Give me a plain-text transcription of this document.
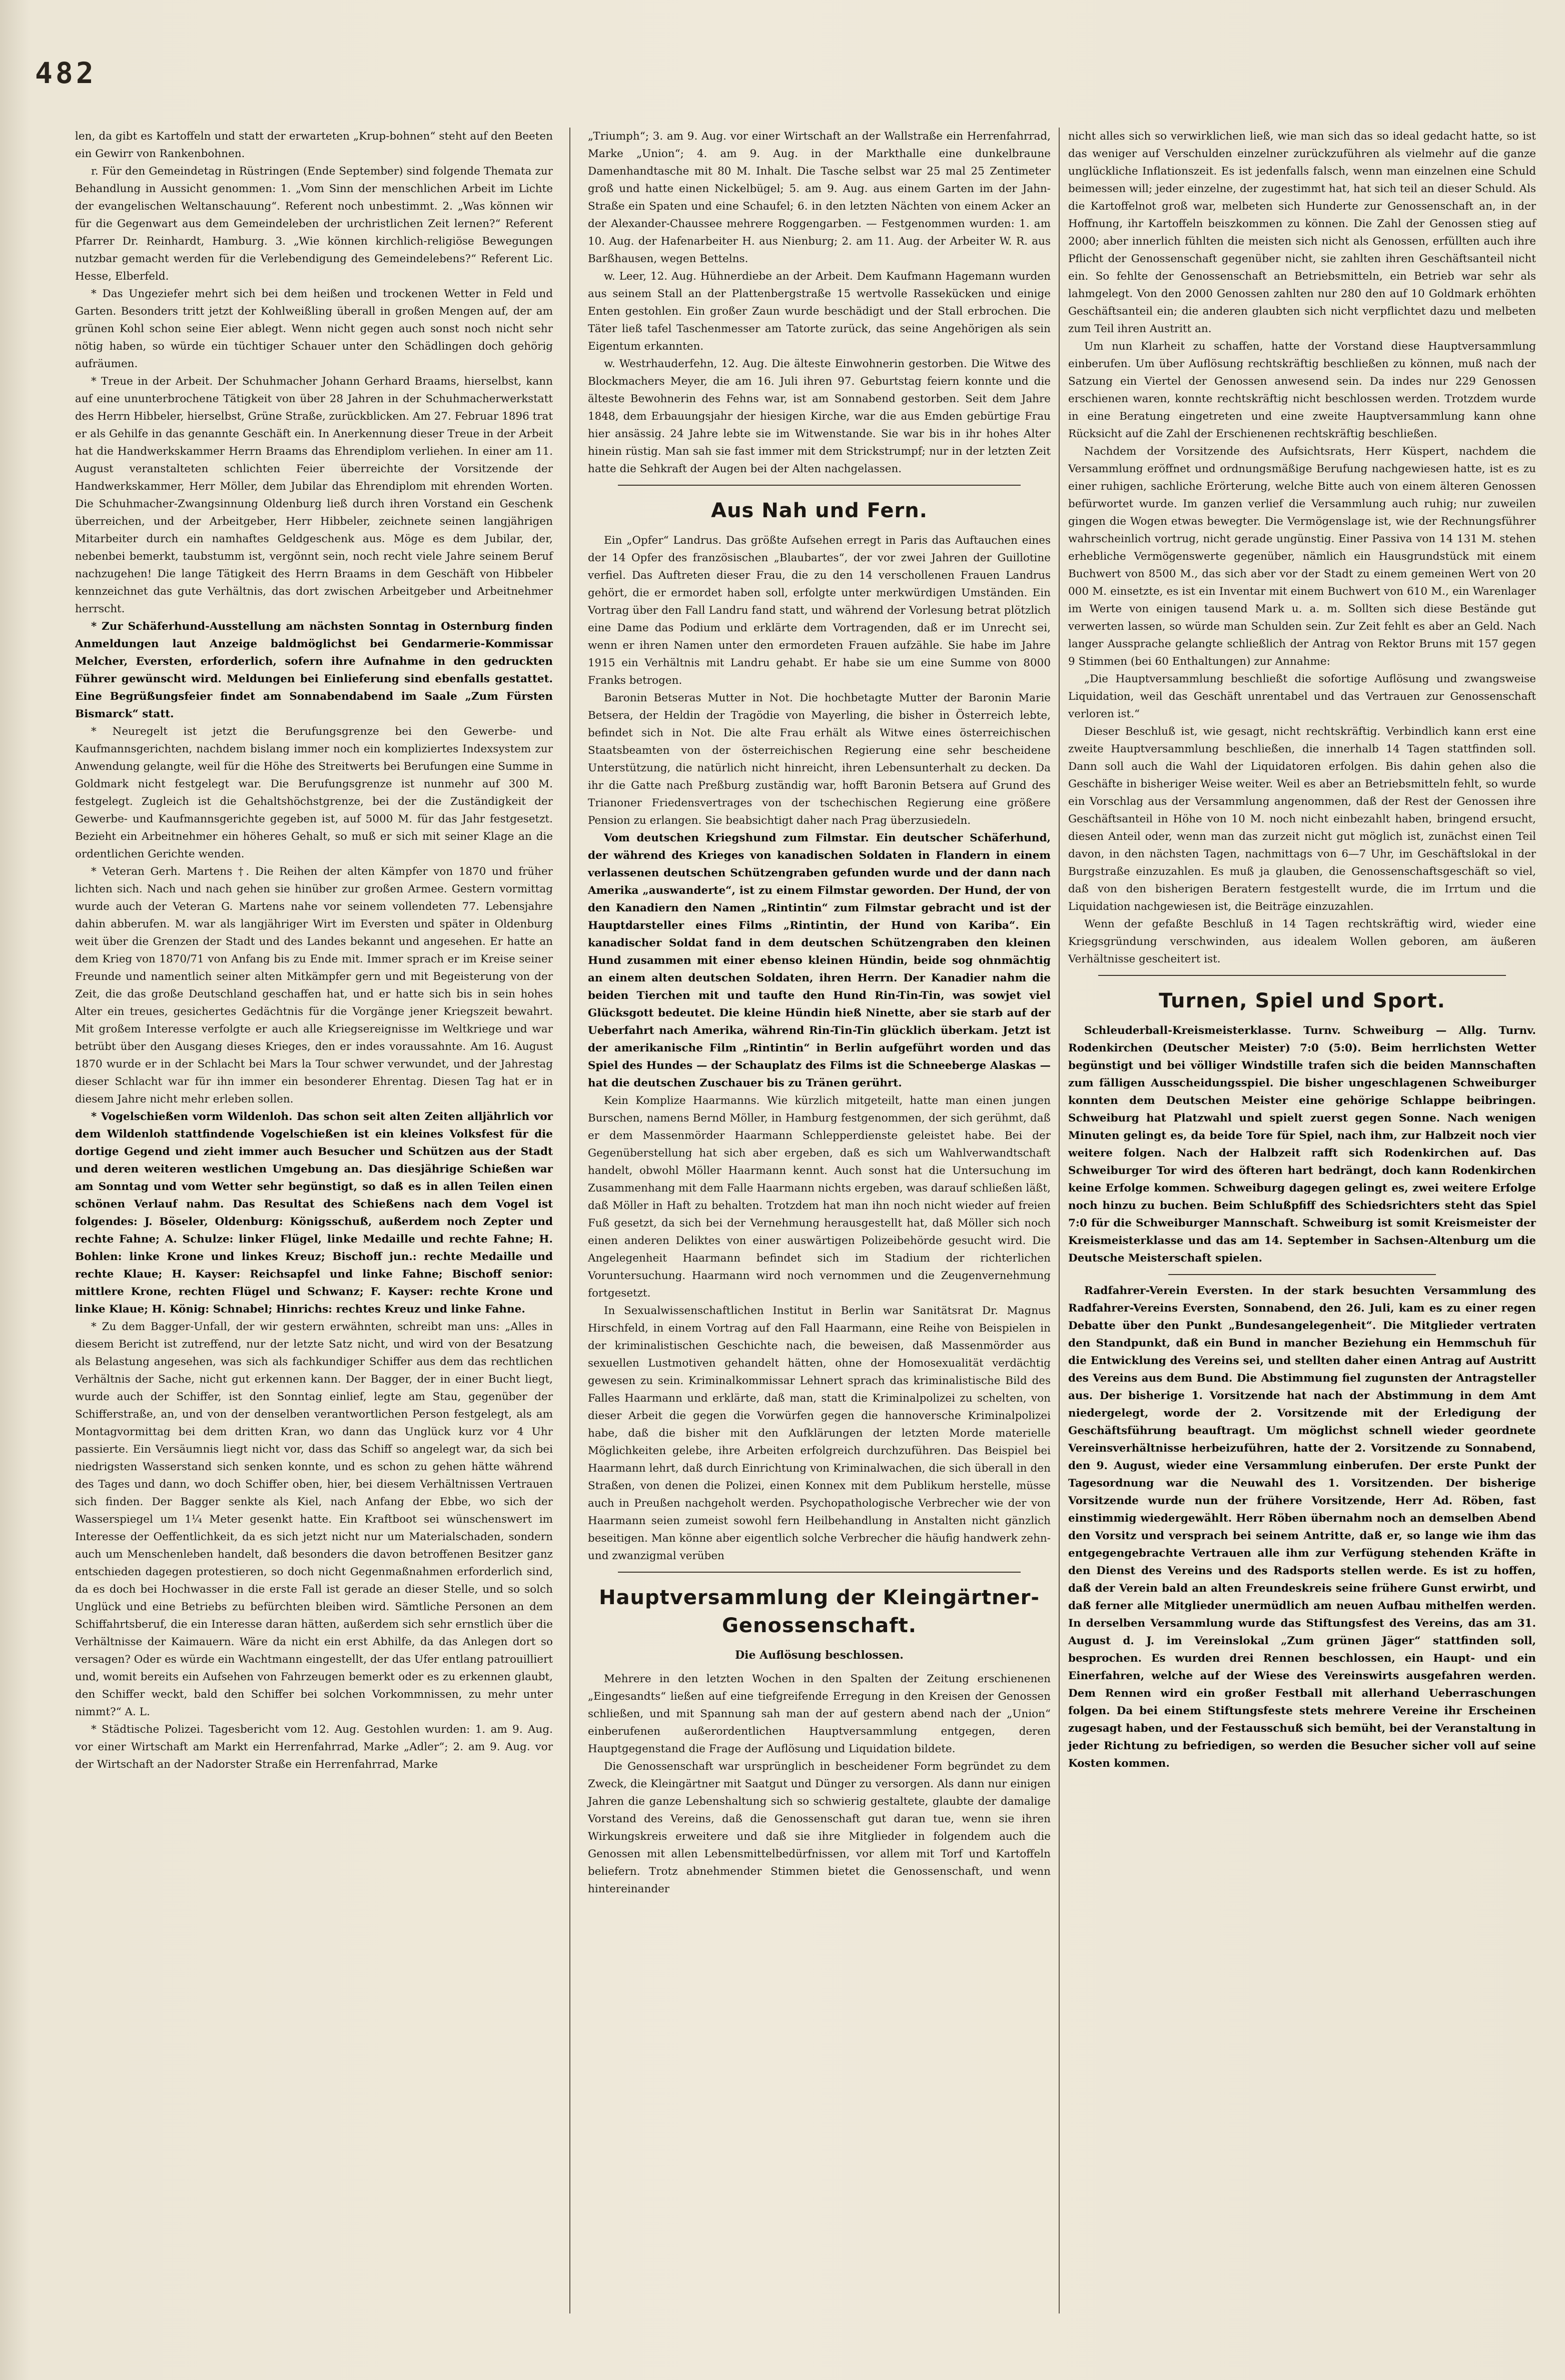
482

len, da gibt es Kartoffeln und statt der erwarteten „Krup-bohnen“ steht auf den Beeten ein Gewirr von Rankenbohnen.

r. Für den Gemeindetag in Rüstringen (Ende September) sind folgende Themata zur Behandlung in Aussicht genommen: 1. „Vom Sinn der menschlichen Arbeit im Lichte der evangelischen Weltanschauung“. Referent noch unbestimmt. 2. „Was können wir für die Gegenwart aus dem Gemeindeleben der urchristlichen Zeit lernen?“ Referent Pfarrer Dr. Reinhardt, Hamburg. 3. „Wie können kirchlich-religiöse Bewegungen nutzbar gemacht werden für die Verlebendigung des Gemeindelebens?“ Referent Lic. Hesse, Elberfeld.

* Das Ungeziefer mehrt sich bei dem heißen und trockenen Wetter in Feld und Garten. Besonders tritt jetzt der Kohlweißling überall in großen Mengen auf, der am grünen Kohl schon seine Eier ablegt. Wenn nicht gegen auch sonst noch nicht sehr nötig haben, so würde ein tüchtiger Schauer unter den Schädlingen doch gehörig aufräumen.

* Treue in der Arbeit. Der Schuhmacher Johann Gerhard Braams, hierselbst, kann auf eine ununterbrochene Tätigkeit von über 28 Jahren in der Schuhmacherwerkstatt des Herrn Hibbeler, hierselbst, Grüne Straße, zurückblicken. Am 27. Februar 1896 trat er als Gehilfe in das genannte Geschäft ein. In Anerkennung dieser Treue in der Arbeit hat die Handwerkskammer Herrn Braams das Ehrendiplom verliehen. In einer am 11. August veranstalteten schlichten Feier überreichte der Vorsitzende der Handwerkskammer, Herr Möller, dem Jubilar das Ehrendiplom mit ehrenden Worten. Die Schuhmacher-Zwangsinnung Oldenburg ließ durch ihren Vorstand ein Geschenk überreichen, und der Arbeitgeber, Herr Hibbeler, zeichnete seinen langjährigen Mitarbeiter durch ein namhaftes Geldgeschenk aus. Möge es dem Jubilar, der, nebenbei bemerkt, taubstumm ist, vergönnt sein, noch recht viele Jahre seinem Beruf nachzugehen! Die lange Tätigkeit des Herrn Braams in dem Geschäft von Hibbeler kennzeichnet das gute Verhältnis, das dort zwischen Arbeitgeber und Arbeitnehmer herrscht.

* Zur Schäferhund-Ausstellung am nächsten Sonntag in Osternburg finden Anmeldungen laut Anzeige baldmöglichst bei Gendarmerie-Kommissar Melcher, Eversten, erforderlich, sofern ihre Aufnahme in den gedruckten Führer gewünscht wird. Meldungen bei Einlieferung sind ebenfalls gestattet. Eine Begrüßungsfeier findet am Sonnabendabend im Saale „Zum Fürsten Bismarck“ statt.

* Neuregelt ist jetzt die Berufungsgrenze bei den Gewerbe- und Kaufmannsgerichten, nachdem bislang immer noch ein kompliziertes Indexsystem zur Anwendung gelangte, weil für die Höhe des Streitwerts bei Berufungen eine Summe in Goldmark nicht festgelegt war. Die Berufungsgrenze ist nunmehr auf 300 M. festgelegt. Zugleich ist die Gehaltshöchstgrenze, bei der die Zuständigkeit der Gewerbe- und Kaufmannsgerichte gegeben ist, auf 5000 M. für das Jahr festgesetzt. Bezieht ein Arbeitnehmer ein höheres Gehalt, so muß er sich mit seiner Klage an die ordentlichen Gerichte wenden.

* Veteran Gerh. Martens †. Die Reihen der alten Kämpfer von 1870 und früher lichten sich. Nach und nach gehen sie hinüber zur großen Armee. Gestern vormittag wurde auch der Veteran G. Martens nahe vor seinem vollendeten 77. Lebensjahre dahin abberufen. M. war als langjähriger Wirt im Eversten und später in Oldenburg weit über die Grenzen der Stadt und des Landes bekannt und angesehen. Er hatte an dem Krieg von 1870/71 von Anfang bis zu Ende mit. Immer sprach er im Kreise seiner Freunde und namentlich seiner alten Mitkämpfer gern und mit Begeisterung von der Zeit, die das große Deutschland geschaffen hat, und er hatte sich bis in sein hohes Alter ein treues, gesichertes Gedächtnis für die Vorgänge jener Kriegszeit bewahrt. Mit großem Interesse verfolgte er auch alle Kriegsereignisse im Weltkriege und war betrübt über den Ausgang dieses Krieges, den er indes voraussahnte. Am 16. August 1870 wurde er in der Schlacht bei Mars la Tour schwer verwundet, und der Jahrestag dieser Schlacht war für ihn immer ein besonderer Ehrentag. Diesen Tag hat er in diesem Jahre nicht mehr erleben sollen.

* Vogelschießen vorm Wildenloh. Das schon seit alten Zeiten alljährlich vor dem Wildenloh stattfindende Vogelschießen ist ein kleines Volksfest für die dortige Gegend und zieht immer auch Besucher und Schützen aus der Stadt und deren weiteren westlichen Umgebung an. Das diesjährige Schießen war am Sonntag und vom Wetter sehr begünstigt, so daß es in allen Teilen einen schönen Verlauf nahm. Das Resultat des Schießens nach dem Vogel ist folgendes: J. Böseler, Oldenburg: Königsschuß, außerdem noch Zepter und rechte Fahne; A. Schulze: linker Flügel, linke Medaille und rechte Fahne; H. Bohlen: linke Krone und linkes Kreuz; Bischoff jun.: rechte Medaille und rechte Klaue; H. Kayser: Reichsapfel und linke Fahne; Bischoff senior: mittlere Krone, rechten Flügel und Schwanz; F. Kayser: rechte Krone und linke Klaue; H. König: Schnabel; Hinrichs: rechtes Kreuz und linke Fahne.

* Zu dem Bagger-Unfall, der wir gestern erwähnten, schreibt man uns: „Alles in diesem Bericht ist zutreffend, nur der letzte Satz nicht, und wird von der Besatzung als Belastung angesehen, was sich als fachkundiger Schiffer aus dem das rechtlichen Verhältnis der Sache, nicht gut erkennen kann. Der Bagger, der in einer Bucht liegt, wurde auch der Schiffer, ist den Sonntag einlief, legte am Stau, gegenüber der Schifferstraße, an, und von der denselben verantwortlichen Person festgelegt, als am Montagvormittag bei dem dritten Kran, wo dann das Unglück kurz vor 4 Uhr passierte. Ein Versäumnis liegt nicht vor, dass das Schiff so angelegt war, da sich bei niedrigsten Wasserstand sich senken konnte, und es schon zu gehen hätte während des Tages und dann, wo doch Schiffer oben, hier, bei diesem Verhältnissen Vertrauen sich finden. Der Bagger senkte als Kiel, nach Anfang der Ebbe, wo sich der Wasserspiegel um 1¼ Meter gesenkt hatte. Ein Kraftboot sei wünschenswert im Interesse der Oeffentlichkeit, da es sich jetzt nicht nur um Materialschaden, sondern auch um Menschenleben handelt, daß besonders die davon betroffenen Besitzer ganz entschieden dagegen protestieren, so doch nicht Gegenmaßnahmen erforderlich sind, da es doch bei Hochwasser in die erste Fall ist gerade an dieser Stelle, und so solch Unglück und eine Betriebs zu befürchten bleiben wird. Sämtliche Personen an dem Schiffahrtsberuf, die ein Interesse daran hätten, außerdem sich sehr ernstlich über die Verhältnisse der Kaimauern. Wäre da nicht ein erst Abhilfe, da das Anlegen dort so versagen? Oder es würde ein Wachtmann eingestellt, der das Ufer entlang patrouilliert und, womit bereits ein Aufsehen von Fahrzeugen bemerkt oder es zu erkennen glaubt, den Schiffer weckt, bald den Schiffer bei solchen Vorkommnissen, zu mehr unter nimmt?“ A. L.

* Städtische Polizei. Tagesbericht vom 12. Aug. Gestohlen wurden: 1. am 9. Aug. vor einer Wirtschaft am Markt ein Herrenfahrrad, Marke „Adler“; 2. am 9. Aug. vor der Wirtschaft an der Nadorster Straße ein Herrenfahrrad, Marke

„Triumph“; 3. am 9. Aug. vor einer Wirtschaft an der Wallstraße ein Herrenfahrrad, Marke „Union“; 4. am 9. Aug. in der Markthalle eine dunkelbraune Damenhandtasche mit 80 M. Inhalt. Die Tasche selbst war 25 mal 25 Zentimeter groß und hatte einen Nickelbügel; 5. am 9. Aug. aus einem Garten im der Jahn-Straße ein Spaten und eine Schaufel; 6. in den letzten Nächten von einem Acker an der Alexander-Chaussee mehrere Roggengarben. — Festgenommen wurden: 1. am 10. Aug. der Hafenarbeiter H. aus Nienburg; 2. am 11. Aug. der Arbeiter W. R. aus Barßhausen, wegen Bettelns.

w. Leer, 12. Aug. Hühnerdiebe an der Arbeit. Dem Kaufmann Hagemann wurden aus seinem Stall an der Plattenbergstraße 15 wertvolle Rassekücken und einige Enten gestohlen. Ein großer Zaun wurde beschädigt und der Stall erbrochen. Die Täter ließ tafel Taschenmesser am Tatorte zurück, das seine Angehörigen als sein Eigentum erkannten.

w. Westrhauderfehn, 12. Aug. Die älteste Einwohnerin gestorben. Die Witwe des Blockmachers Meyer, die am 16. Juli ihren 97. Geburtstag feiern konnte und die älteste Bewohnerin des Fehns war, ist am Sonnabend gestorben. Seit dem Jahre 1848, dem Erbauungsjahr der hiesigen Kirche, war die aus Emden gebürtige Frau hier ansässig. 24 Jahre lebte sie im Witwenstande. Sie war bis in ihr hohes Alter hinein rüstig. Man sah sie fast immer mit dem Strickstrumpf; nur in der letzten Zeit hatte die Sehkraft der Augen bei der Alten nachgelassen.

Aus Nah und Fern.

Ein „Opfer“ Landrus. Das größte Aufsehen erregt in Paris das Auftauchen eines der 14 Opfer des französischen „Blaubartes“, der vor zwei Jahren der Guillotine verfiel. Das Auftreten dieser Frau, die zu den 14 verschollenen Frauen Landrus gehört, die er ermordet haben soll, erfolgte unter merkwürdigen Umständen. Ein Vortrag über den Fall Landru fand statt, und während der Vorlesung betrat plötzlich eine Dame das Podium und erklärte dem Vortragenden, daß er im Unrecht sei, wenn er ihren Namen unter den ermordeten Frauen aufzähle. Sie habe im Jahre 1915 ein Verhältnis mit Landru gehabt. Er habe sie um eine Summe von 8000 Franks betrogen.

Baronin Betseras Mutter in Not. Die hochbetagte Mutter der Baronin Marie Betsera, der Heldin der Tragödie von Mayerling, die bisher in Österreich lebte, befindet sich in Not. Die alte Frau erhält als Witwe eines österreichischen Staatsbeamten von der österreichischen Regierung eine sehr bescheidene Unterstützung, die natürlich nicht hinreicht, ihren Lebensunterhalt zu decken. Da ihr die Gatte nach Preßburg zuständig war, hofft Baronin Betsera auf Grund des Trianoner Friedensvertrages von der tschechischen Regierung eine größere Pension zu erlangen. Sie beabsichtigt daher nach Prag überzusiedeln.

Vom deutschen Kriegshund zum Filmstar. Ein deutscher Schäferhund, der während des Krieges von kanadischen Soldaten in Flandern in einem verlassenen deutschen Schützengraben gefunden wurde und der dann nach Amerika „auswanderte“, ist zu einem Filmstar geworden. Der Hund, der von den Kanadiern den Namen „Rintintin“ zum Filmstar gebracht und ist der Hauptdarsteller eines Films „Rintintin, der Hund von Kariba“. Ein kanadischer Soldat fand in dem deutschen Schützengraben den kleinen Hund zusammen mit einer ebenso kleinen Hündin, beide sog ohnmächtig an einem alten deutschen Soldaten, ihren Herrn. Der Kanadier nahm die beiden Tierchen mit und taufte den Hund Rin-Tin-Tin, was sowjet viel Glücksgott bedeutet. Die kleine Hündin hieß Ninette, aber sie starb auf der Ueberfahrt nach Amerika, während Rin-Tin-Tin glücklich überkam. Jetzt ist der amerikanische Film „Rintintin“ in Berlin aufgeführt worden und das Spiel des Hundes — der Schauplatz des Films ist die Schneeberge Alaskas — hat die deutschen Zuschauer bis zu Tränen gerührt.

Kein Komplize Haarmanns. Wie kürzlich mitgeteilt, hatte man einen jungen Burschen, namens Bernd Möller, in Hamburg festgenommen, der sich gerühmt, daß er dem Massenmörder Haarmann Schlepperdienste geleistet habe. Bei der Gegenüberstellung hat sich aber ergeben, daß es sich um Wahlverwandtschaft handelt, obwohl Möller Haarmann kennt. Auch sonst hat die Untersuchung im Zusammenhang mit dem Falle Haarmann nichts ergeben, was darauf schließen läßt, daß Möller in Haft zu behalten. Trotzdem hat man ihn noch nicht wieder auf freien Fuß gesetzt, da sich bei der Vernehmung herausgestellt hat, daß Möller sich noch einen anderen Deliktes von einer auswärtigen Polizeibehörde gesucht wird. Die Angelegenheit Haarmann befindet sich im Stadium der richterlichen Voruntersuchung. Haarmann wird noch vernommen und die Zeugenvernehmung fortgesetzt.

In Sexualwissenschaftlichen Institut in Berlin war Sanitätsrat Dr. Magnus Hirschfeld, in einem Vortrag auf den Fall Haarmann, eine Reihe von Beispielen in der kriminalistischen Geschichte nach, die beweisen, daß Massenmörder aus sexuellen Lustmotiven gehandelt hätten, ohne der Homosexualität verdächtig gewesen zu sein. Kriminalkommissar Lehnert sprach das kriminalistische Bild des Falles Haarmann und erklärte, daß man, statt die Kriminalpolizei zu schelten, von dieser Arbeit die gegen die Vorwürfen gegen die hannoversche Kriminalpolizei habe, daß die bisher mit den Aufklärungen der letzten Morde materielle Möglichkeiten gelebe, ihre Arbeiten erfolgreich durchzuführen. Das Beispiel bei Haarmann lehrt, daß durch Einrichtung von Kriminalwachen, die sich überall in den Straßen, von denen die Polizei, einen Konnex mit dem Publikum herstelle, müsse auch in Preußen nachgeholt werden. Psychopathologische Verbrecher wie der von Haarmann seien zumeist sowohl fern Heilbehandlung in Anstalten nicht gänzlich beseitigen. Man könne aber eigentlich solche Verbrecher die häufig handwerk zehn- und zwanzigmal verüben

Hauptversammlung der Kleingärtner-Genossenschaft.
Die Auflösung beschlossen.

Mehrere in den letzten Wochen in den Spalten der Zeitung erschienenen „Eingesandts“ ließen auf eine tiefgreifende Erregung in den Kreisen der Genossen schließen, und mit Spannung sah man der auf gestern abend nach der „Union“ einberufenen außerordentlichen Hauptversammlung entgegen, deren Hauptgegenstand die Frage der Auflösung und Liquidation bildete.

Die Genossenschaft war ursprünglich in bescheidener Form begründet zu dem Zweck, die Kleingärtner mit Saatgut und Dünger zu versorgen. Als dann nur einigen Jahren die ganze Lebenshaltung sich so schwierig gestaltete, glaubte der damalige Vorstand des Vereins, daß die Genossenschaft gut daran tue, wenn sie ihren Wirkungskreis erweitere und daß sie ihre Mitglieder in folgendem auch die Genossen mit allen Lebensmittelbedürfnissen, vor allem mit Torf und Kartoffeln beliefern. Trotz abnehmender Stimmen bietet die Genossenschaft, und wenn hintereinander

nicht alles sich so verwirklichen ließ, wie man sich das so ideal gedacht hatte, so ist das weniger auf Verschulden einzelner zurückzuführen als vielmehr auf die ganze unglückliche Inflationszeit. Es ist jedenfalls falsch, wenn man einzelnen eine Schuld beimessen will; jeder einzelne, der zugestimmt hat, hat sich teil an dieser Schuld. Als die Kartoffelnot groß war, melbeten sich Hunderte zur Genossenschaft an, in der Hoffnung, ihr Kartoffeln beiszkommen zu können. Die Zahl der Genossen stieg auf 2000; aber innerlich fühlten die meisten sich nicht als Genossen, erfüllten auch ihre Pflicht der Genossenschaft gegenüber nicht, sie zahlten ihren Geschäftsanteil nicht ein. So fehlte der Genossenschaft an Betriebsmitteln, ein Betrieb war sehr als lahmgelegt. Von den 2000 Genossen zahlten nur 280 den auf 10 Goldmark erhöhten Geschäftsanteil ein; die anderen glaubten sich nicht verpflichtet dazu und melbeten zum Teil ihren Austritt an.

Um nun Klarheit zu schaffen, hatte der Vorstand diese Hauptversammlung einberufen. Um über Auflösung rechtskräftig beschließen zu können, muß nach der Satzung ein Viertel der Genossen anwesend sein. Da indes nur 229 Genossen erschienen waren, konnte rechtskräftig nicht beschlossen werden. Trotzdem wurde in eine Beratung eingetreten und eine zweite Hauptversammlung kann ohne Rücksicht auf die Zahl der Erschienenen rechtskräftig beschließen.

Nachdem der Vorsitzende des Aufsichtsrats, Herr Küspert, nachdem die Versammlung eröffnet und ordnungsmäßige Berufung nachgewiesen hatte, ist es zu einer ruhigen, sachliche Erörterung, welche Bitte auch von einem älteren Genossen befürwortet wurde. Im ganzen verlief die Versammlung auch ruhig; nur zuweilen gingen die Wogen etwas bewegter. Die Vermögenslage ist, wie der Rechnungsführer wahrscheinlich vortrug, nicht gerade ungünstig. Einer Passiva von 14 131 M. stehen erhebliche Vermögenswerte gegenüber, nämlich ein Hausgrundstück mit einem Buchwert von 8500 M., das sich aber vor der Stadt zu einem gemeinen Wert von 20 000 M. einsetzte, es ist ein Inventar mit einem Buchwert von 610 M., ein Warenlager im Werte von einigen tausend Mark u. a. m. Sollten sich diese Bestände gut verwerten lassen, so würde man Schulden sein. Zur Zeit fehlt es aber an Geld. Nach langer Aussprache gelangte schließlich der Antrag von Rektor Bruns mit 157 gegen 9 Stimmen (bei 60 Enthaltungen) zur Annahme:

„Die Hauptversammlung beschließt die sofortige Auflösung und zwangsweise Liquidation, weil das Geschäft unrentabel und das Vertrauen zur Genossenschaft verloren ist.“

Dieser Beschluß ist, wie gesagt, nicht rechtskräftig. Verbindlich kann erst eine zweite Hauptversammlung beschließen, die innerhalb 14 Tagen stattfinden soll. Dann soll auch die Wahl der Liquidatoren erfolgen. Bis dahin gehen also die Geschäfte in bisheriger Weise weiter. Weil es aber an Betriebsmitteln fehlt, so wurde ein Vorschlag aus der Versammlung angenommen, daß der Rest der Genossen ihre Geschäftsanteil in Höhe von 10 M. noch nicht einbezahlt haben, bringend ersucht, diesen Anteil oder, wenn man das zurzeit nicht gut möglich ist, zunächst einen Teil davon, in den nächsten Tagen, nachmittags von 6—7 Uhr, im Geschäftslokal in der Burgstraße einzuzahlen. Es muß ja glauben, die Genossenschaftsgeschäft so viel, daß von den bisherigen Beratern festgestellt wurde, die im Irrtum und die Liquidation nachgewiesen ist, die Beiträge einzuzahlen.

Wenn der gefaßte Beschluß in 14 Tagen rechtskräftig wird, wieder eine Kriegsgründung verschwinden, aus idealem Wollen geboren, am äußeren Verhältnisse gescheitert ist.

Turnen, Spiel und Sport.

Schleuderball-Kreismeisterklasse. Turnv. Schweiburg — Allg. Turnv. Rodenkirchen (Deutscher Meister) 7:0 (5:0). Beim herrlichsten Wetter begünstigt und bei völliger Windstille trafen sich die beiden Mannschaften zum fälligen Ausscheidungsspiel. Die bisher ungeschlagenen Schweiburger konnten dem Deutschen Meister eine gehörige Schlappe beibringen. Schweiburg hat Platzwahl und spielt zuerst gegen Sonne. Nach wenigen Minuten gelingt es, da beide Tore für Spiel, nach ihm, zur Halbzeit noch vier weitere folgen. Nach der Halbzeit rafft sich Rodenkirchen auf. Das Schweiburger Tor wird des öfteren hart bedrängt, doch kann Rodenkirchen keine Erfolge kommen. Schweiburg dagegen gelingt es, zwei weitere Erfolge noch hinzu zu buchen. Beim Schlußpfiff des Schiedsrichters steht das Spiel 7:0 für die Schweiburger Mannschaft. Schweiburg ist somit Kreismeister der Kreismeisterklasse und das am 14. September in Sachsen-Altenburg um die Deutsche Meisterschaft spielen.

Radfahrer-Verein Eversten. In der stark besuchten Versammlung des Radfahrer-Vereins Eversten, Sonnabend, den 26. Juli, kam es zu einer regen Debatte über den Punkt „Bundesangelegenheit“. Die Mitglieder vertraten den Standpunkt, daß ein Bund in mancher Beziehung ein Hemmschuh für die Entwicklung des Vereins sei, und stellten daher einen Antrag auf Austritt des Vereins aus dem Bund. Die Abstimmung fiel zugunsten der Antragsteller aus. Der bisherige 1. Vorsitzende hat nach der Abstimmung in dem Amt niedergelegt, worde der 2. Vorsitzende mit der Erledigung der Geschäftsführung beauftragt. Um möglichst schnell wieder geordnete Vereinsverhältnisse herbeizuführen, hatte der 2. Vorsitzende zu Sonnabend, den 9. August, wieder eine Versammlung einberufen. Der erste Punkt der Tagesordnung war die Neuwahl des 1. Vorsitzenden. Der bisherige Vorsitzende wurde nun der frühere Vorsitzende, Herr Ad. Röben, fast einstimmig wiedergewählt. Herr Röben übernahm noch an demselben Abend den Vorsitz und versprach bei seinem Antritte, daß er, so lange wie ihm das entgegengebrachte Vertrauen alle ihm zur Verfügung stehenden Kräfte in den Dienst des Vereins und des Radsports stellen werde. Es ist zu hoffen, daß der Verein bald an alten Freundeskreis seine frühere Gunst erwirbt, und daß ferner alle Mitglieder unermüdlich am neuen Aufbau mithelfen werden. In derselben Versammlung wurde das Stiftungsfest des Vereins, das am 31. August d. J. im Vereinslokal „Zum grünen Jäger“ stattfinden soll, besprochen. Es wurden drei Rennen beschlossen, ein Haupt- und ein Einerfahren, welche auf der Wiese des Vereinswirts ausgefahren werden. Dem Rennen wird ein großer Festball mit allerhand Ueberraschungen folgen. Da bei einem Stiftungsfeste stets mehrere Vereine ihr Erscheinen zugesagt haben, und der Festausschuß sich bemüht, bei der Veranstaltung in jeder Richtung zu befriedigen, so werden die Besucher sicher voll auf seine Kosten kommen.
